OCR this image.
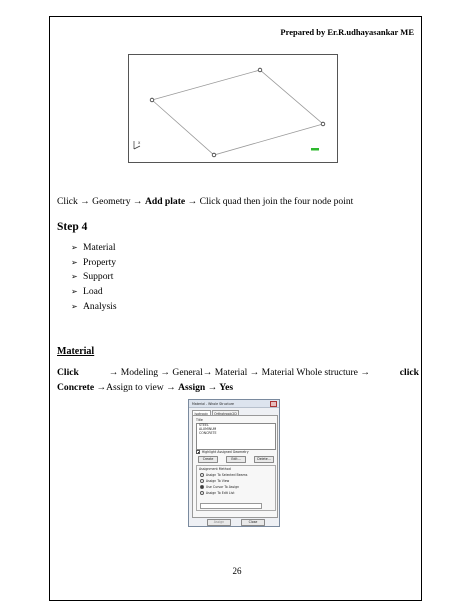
Prepared by Er.R.udhayasankar ME
x
Click → Geometry → Add plate → Click quad then join the four node point
Step 4
➢ Material
➢ Property
➢ Support
➢ Load
➢ Analysis
Material
Click	→ Modeling → General→ Material → Material Whole structure →	click
Concrete →Assign to view → Assign → Yes
Material - Whole Structure
Isotropic	Orthotropic2D
Title
STEEL
ALUMINUM
CONCRETE
Highlight Assigned Geometry
Create	Edit...	Delete...
Assignment Method
Assign To Selected Beams
Assign To View
Use Cursor To Assign
Assign To Edit List
Assign	Close
26
